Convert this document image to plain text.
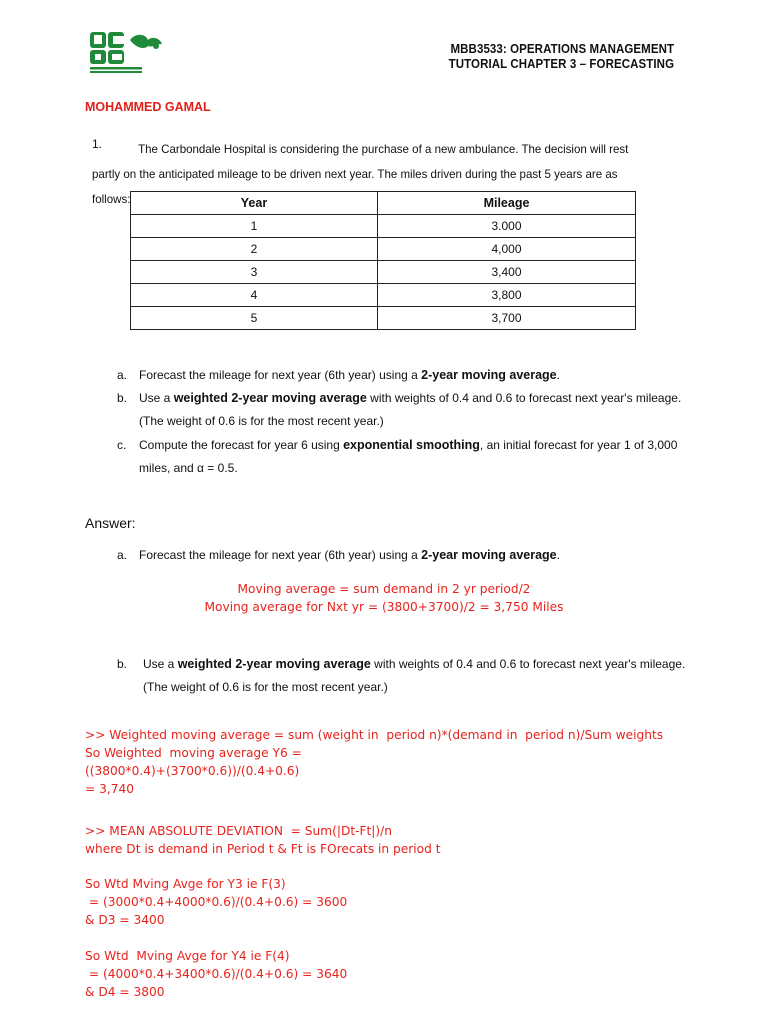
MBB3533: OPERATIONS MANAGEMENT
TUTORIAL CHAPTER 3 – FORECASTING
MOHAMMED GAMAL
1.	The Carbondale Hospital is considering the purchase of a new ambulance. The decision will rest partly on the anticipated mileage to be driven next year. The miles driven during the past 5 years are as follows:	Year	Mileage
1	3.000
2	4,000
3	3,400
4	3,800
5	3,700
a. Forecast the mileage for next year (6th year) using a 2-year moving average.
b. Use a weighted 2-year moving average with weights of 0.4 and 0.6 to forecast next year's mileage. (The weight of 0.6 is for the most recent year.)
c. Compute the forecast for year 6 using exponential smoothing, an initial forecast for year 1 of 3,000 miles, and α = 0.5.
Answer:
a. Forecast the mileage for next year (6th year) using a 2-year moving average.
Moving average = sum demand in 2 yr period/2
Moving average for Nxt yr = (3800+3700)/2 = 3,750 Miles
b.	Use a weighted 2-year moving average with weights of 0.4 and 0.6 to forecast next year's mileage.(The weight of 0.6 is for the most recent year.)
>> Weighted moving average = sum (weight in  period n)*(demand in  period n)/Sum weights
So Weighted  moving average Y6 =
((3800*0.4)+(3700*0.6))/(0.4+0.6)
= 3,740
>> MEAN ABSOLUTE DEVIATION  = Sum(|Dt-Ft|)/n
where Dt is demand in Period t & Ft is FOrecats in period t
So Wtd Mving Avge for Y3 ie F(3)
= (3000*0.4+4000*0.6)/(0.4+0.6) = 3600
& D3 = 3400
So Wtd  Mving Avge for Y4 ie F(4)
= (4000*0.4+3400*0.6)/(0.4+0.6) = 3640
& D4 = 3800
